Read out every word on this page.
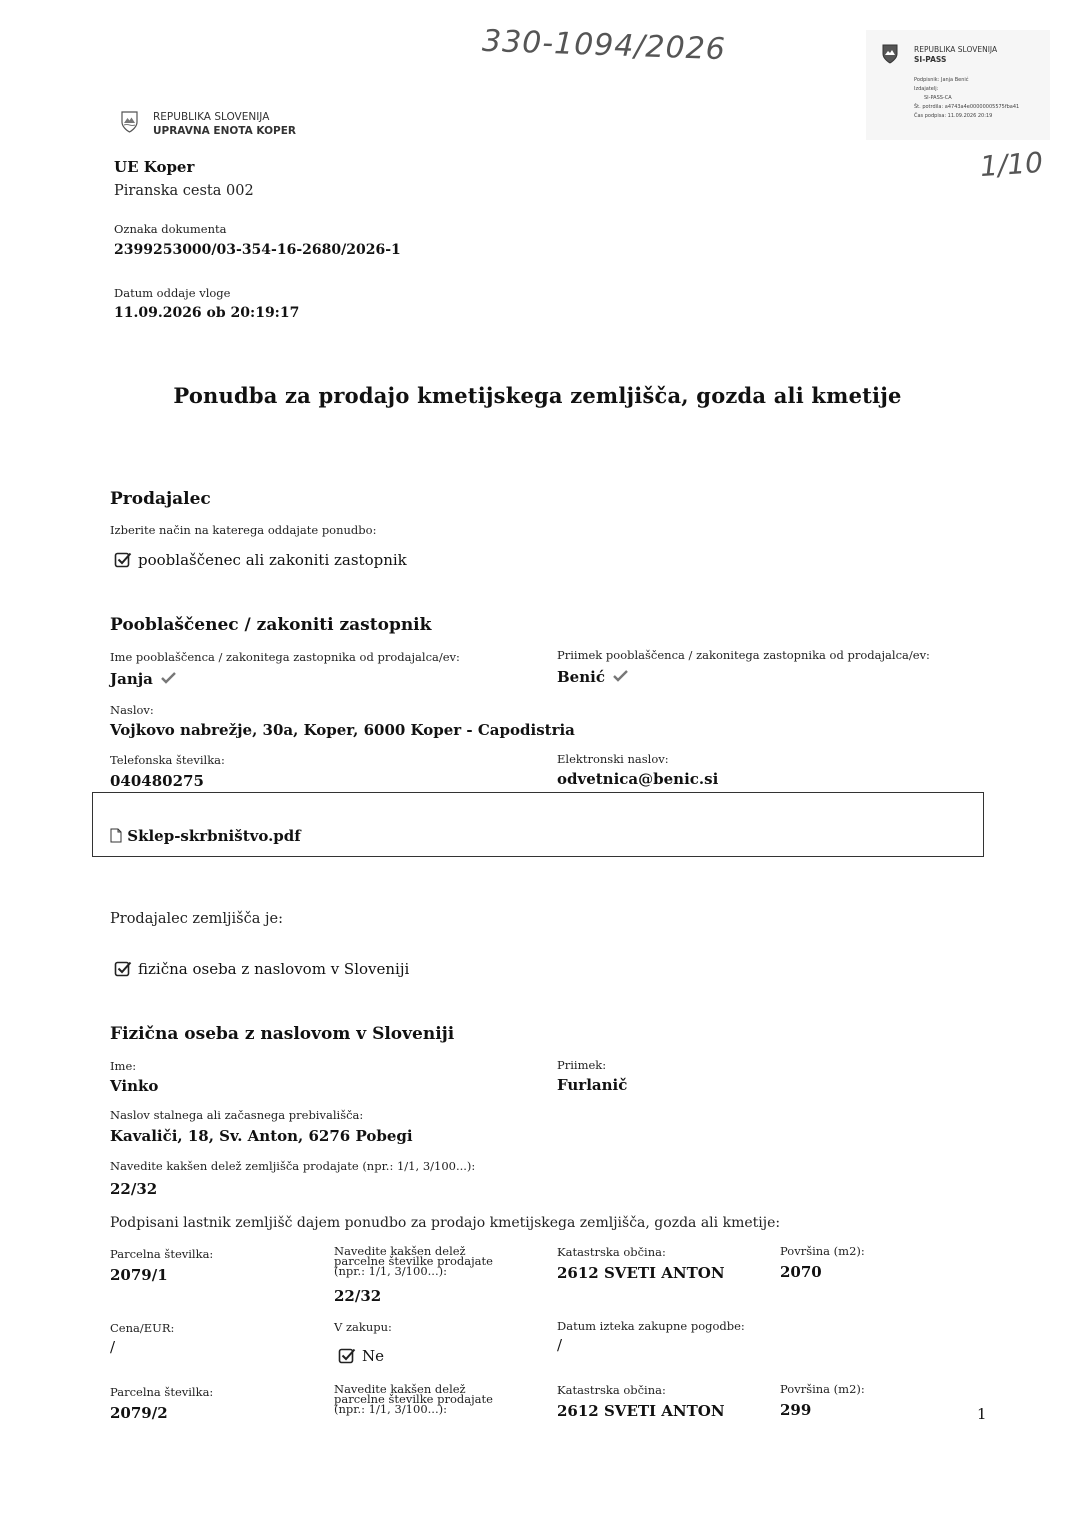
330-1094/2026
1/10
REPUBLIKA SLOVENIJA
SI-PASS
Podpisnik: Janja Benić
Izdajatelj:
SI-PASS-CA
Št. potrdila: a4743a4e00000005575fba41
Čas podpisa: 11.09.2026 20:19
REPUBLIKA SLOVENIJA
UPRAVNA ENOTA KOPER
UE Koper
Piranska cesta 002
Oznaka dokumenta
2399253000/03-354-16-2680/2026-1
Datum oddaje vloge
11.09.2026 ob 20:19:17
Ponudba za prodajo kmetijskega zemljišča, gozda ali kmetije
Prodajalec
Izberite način na katerega oddajate ponudbo:
pooblaščenec ali zakoniti zastopnik
Pooblaščenec / zakoniti zastopnik
Ime pooblaščenca / zakonitega zastopnika od prodajalca/ev:
Janja
Priimek pooblaščenca / zakonitega zastopnika od prodajalca/ev:
Benić
Naslov:
Vojkovo nabrežje, 30a, Koper, 6000 Koper - Capodistria
Telefonska številka:
040480275
Elektronski naslov:
odvetnica@benic.si
Sklep-skrbništvo.pdf
Prodajalec zemljišča je:
fizična oseba z naslovom v Sloveniji
Fizična oseba z naslovom v Sloveniji
Ime:
Vinko
Priimek:
Furlanič
Naslov stalnega ali začasnega prebivališča:
Kavaliči, 18, Sv. Anton, 6276 Pobegi
Navedite kakšen delež zemljišča prodajate (npr.: 1/1, 3/100...):
22/32
Podpisani lastnik zemljišč dajem ponudbo za prodajo kmetijskega zemljišča, gozda ali kmetije:
Parcelna številka:
2079/1
Navedite kakšen delež parcelne številke prodajate (npr.: 1/1, 3/100...):
22/32
Katastrska občina:
2612 SVETI ANTON
Površina (m2):
2070
Cena/EUR:
/
V zakupu:
Ne
Datum izteka zakupne pogodbe:
/
Parcelna številka:
2079/2
Navedite kakšen delež parcelne številke prodajate (npr.: 1/1, 3/100...):
Katastrska občina:
2612 SVETI ANTON
Površina (m2):
299	1
